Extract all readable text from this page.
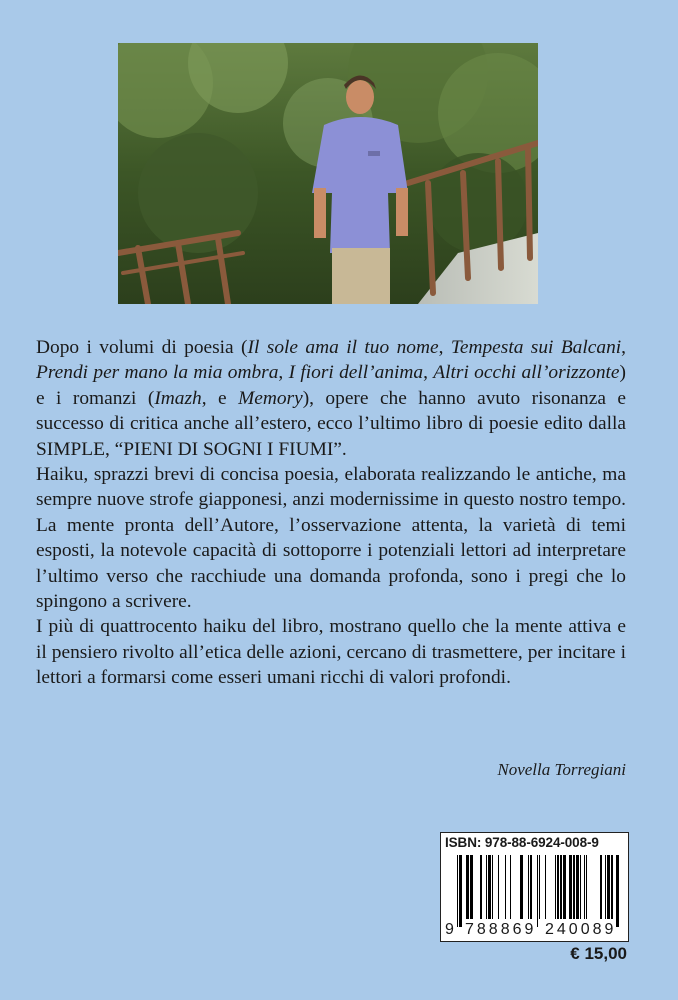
Dopo i volumi di poesia (Il sole ama il tuo nome, Tempesta sui Balcani, Prendi per mano la mia ombra, I fiori dell’anima, Altri occhi all’orizzonte) e i romanzi (Imazh, e Memory), opere che hanno avuto risonanza e successo di critica anche all’estero, ecco l’ultimo libro di poesie edito dalla SIMPLE, “PIENI DI SOGNI I FIUMI”.

Haiku, sprazzi brevi di concisa poesia, elaborata realizzando le antiche, ma sempre nuove strofe giapponesi, anzi modernissime in questo nostro tempo. La mente pronta dell’Autore, l’osservazione attenta, la varietà di temi esposti, la notevole capacità di sottoporre i potenziali lettori ad interpretare l’ultimo verso che racchiude una domanda profonda, sono i pregi che lo spingono a scrivere.

I più di quattrocento haiku del libro, mostrano quello che la mente attiva e il pensiero rivolto all’etica delle azioni, cercano di trasmettere, per incitare i lettori a formarsi come esseri umani ricchi di valori profondi.

Novella Torregiani
ISBN: 978-88-6924-008-9
9 788869 240089
€ 15,00
